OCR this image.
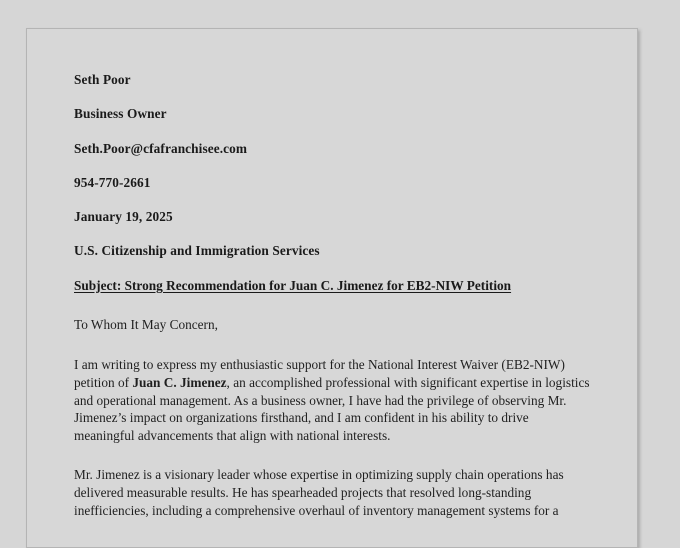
Seth Poor
Business Owner
Seth.Poor@cfafranchisee.com
954-770-2661
January 19, 2025
U.S. Citizenship and Immigration Services
Subject: Strong Recommendation for Juan C. Jimenez for EB2-NIW Petition
To Whom It May Concern,

I am writing to express my enthusiastic support for the National Interest Waiver (EB2-NIW) petition of Juan C. Jimenez, an accomplished professional with significant expertise in logistics and operational management. As a business owner, I have had the privilege of observing Mr. Jimenez’s impact on organizations firsthand, and I am confident in his ability to drive meaningful advancements that align with national interests.

Mr. Jimenez is a visionary leader whose expertise in optimizing supply chain operations has delivered measurable results. He has spearheaded projects that resolved long-standing inefficiencies, including a comprehensive overhaul of inventory management systems for a
